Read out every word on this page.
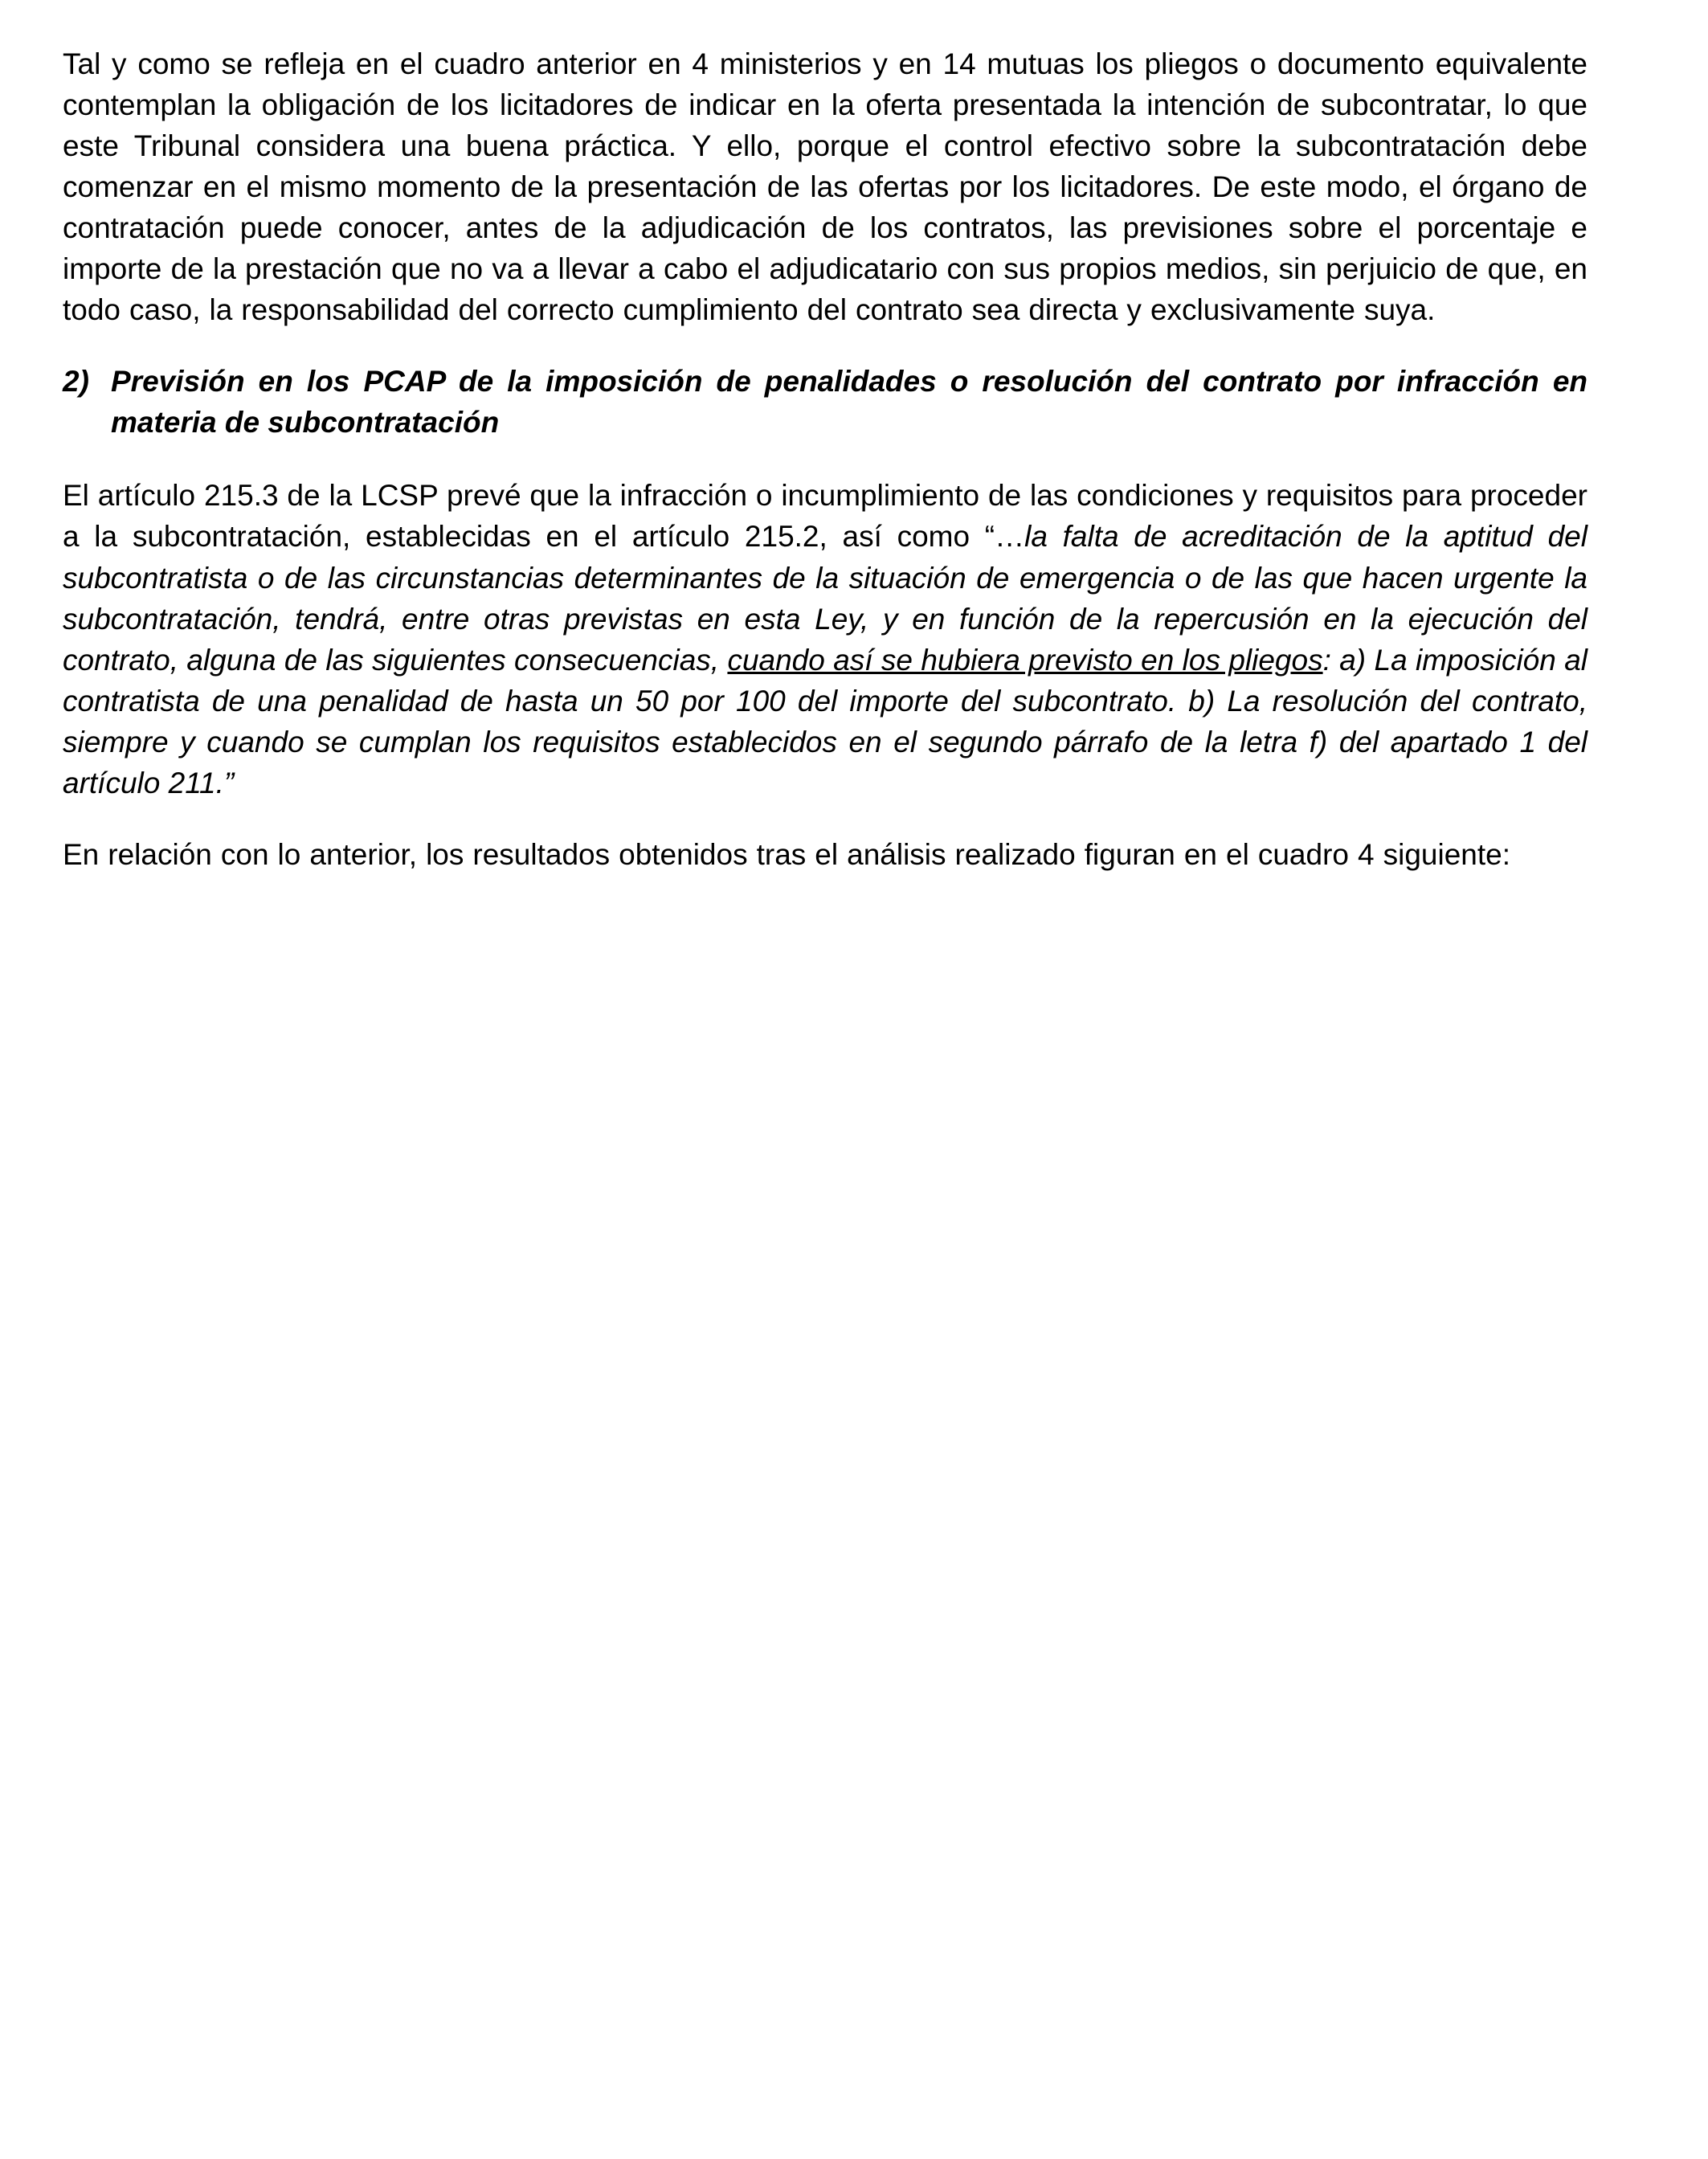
Tal y como se refleja en el cuadro anterior en 4 ministerios y en 14 mutuas los pliegos o documento equivalente contemplan la obligación de los licitadores de indicar en la oferta presentada la intención de subcontratar, lo que este Tribunal considera una buena práctica. Y ello, porque el control efectivo sobre la subcontratación debe comenzar en el mismo momento de la presentación de las ofertas por los licitadores. De este modo, el órgano de contratación puede conocer, antes de la adjudicación de los contratos, las previsiones sobre el porcentaje e importe de la prestación que no va a llevar a cabo el adjudicatario con sus propios medios, sin perjuicio de que, en todo caso, la responsabilidad del correcto cumplimiento del contrato sea directa y exclusivamente suya.

2) Previsión en los PCAP de la imposición de penalidades o resolución del contrato por infracción en materia de subcontratación

El artículo 215.3 de la LCSP prevé que la infracción o incumplimiento de las condiciones y requisitos para proceder a la subcontratación, establecidas en el artículo 215.2, así como “…la falta de acreditación de la aptitud del subcontratista o de las circunstancias determinantes de la situación de emergencia o de las que hacen urgente la subcontratación, tendrá, entre otras previstas en esta Ley, y en función de la repercusión en la ejecución del contrato, alguna de las siguientes consecuencias, cuando así se hubiera previsto en los pliegos: a) La imposición al contratista de una penalidad de hasta un 50 por 100 del importe del subcontrato. b) La resolución del contrato, siempre y cuando se cumplan los requisitos establecidos en el segundo párrafo de la letra f) del apartado 1 del artículo 211.”

En relación con lo anterior, los resultados obtenidos tras el análisis realizado figuran en el cuadro 4 siguiente:
